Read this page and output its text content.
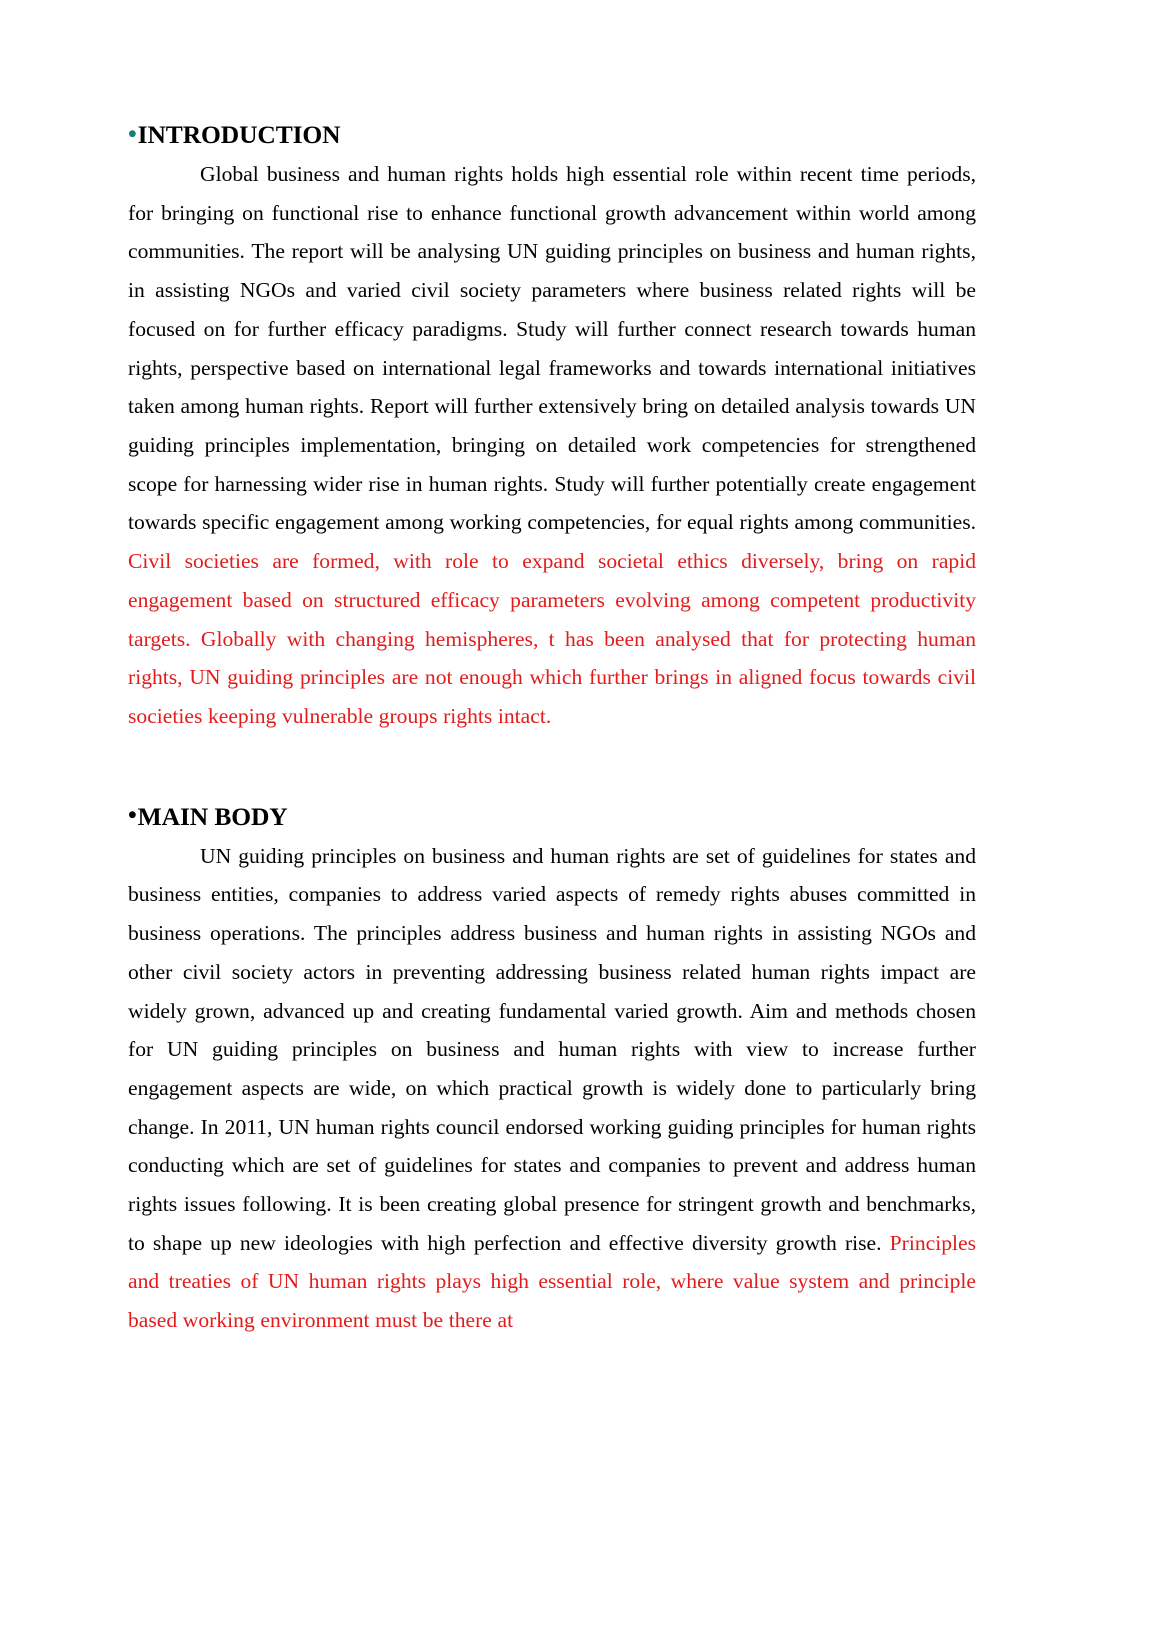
•INTRODUCTION

Global business and human rights holds high essential role within recent time periods, for bringing on functional rise to enhance functional growth advancement within world among communities. The report will be analysing UN guiding principles on business and human rights, in assisting NGOs and varied civil society parameters where business related rights will be focused on for further efficacy paradigms. Study will further connect research towards human rights, perspective based on international legal frameworks and towards international initiatives taken among human rights. Report will further extensively bring on detailed analysis towards UN guiding principles implementation, bringing on detailed work competencies for strengthened scope for harnessing wider rise in human rights. Study will further potentially create engagement towards specific engagement among working competencies, for equal rights among communities. Civil societies are formed, with role to expand societal ethics diversely, bring on rapid engagement based on structured efficacy parameters evolving among competent productivity targets. Globally with changing hemispheres, t has been analysed that for protecting human rights, UN guiding principles are not enough which further brings in aligned focus towards civil societies keeping vulnerable groups rights intact.

•MAIN BODY

UN guiding principles on business and human rights are set of guidelines for states and business entities, companies to address varied aspects of remedy rights abuses committed in business operations. The principles address business and human rights in assisting NGOs and other civil society actors in preventing addressing business related human rights impact are widely grown, advanced up and creating fundamental varied growth. Aim and methods chosen for UN guiding principles on business and human rights with view to increase further engagement aspects are wide, on which practical growth is widely done to particularly bring change. In 2011, UN human rights council endorsed working guiding principles for human rights conducting which are set of guidelines for states and companies to prevent and address human rights issues following. It is been creating global presence for stringent growth and benchmarks, to shape up new ideologies with high perfection and effective diversity growth rise. Principles and treaties of UN human rights plays high essential role, where value system and principle based working environment must be there at
